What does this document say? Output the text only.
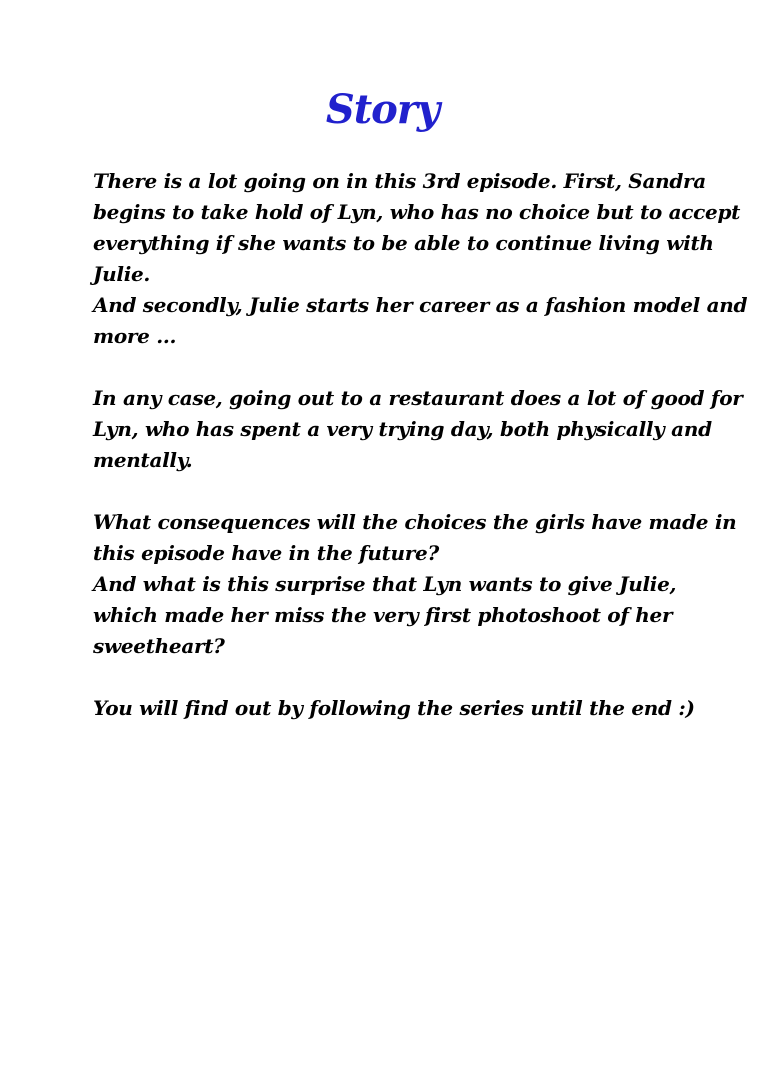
Story
There is a lot going on in this 3rd episode. First, Sandra
begins to take hold of Lyn, who has no choice but to accept
everything if she wants to be able to continue living with
Julie.
And secondly, Julie starts her career as a fashion model and
more ...
In any case, going out to a restaurant does a lot of good for
Lyn, who has spent a very trying day, both physically and
mentally.
What consequences will the choices the girls have made in
this episode have in the future?
And what is this surprise that Lyn wants to give Julie,
which made her miss the very first photoshoot of her
sweetheart?
You will find out by following the series until the end :)
